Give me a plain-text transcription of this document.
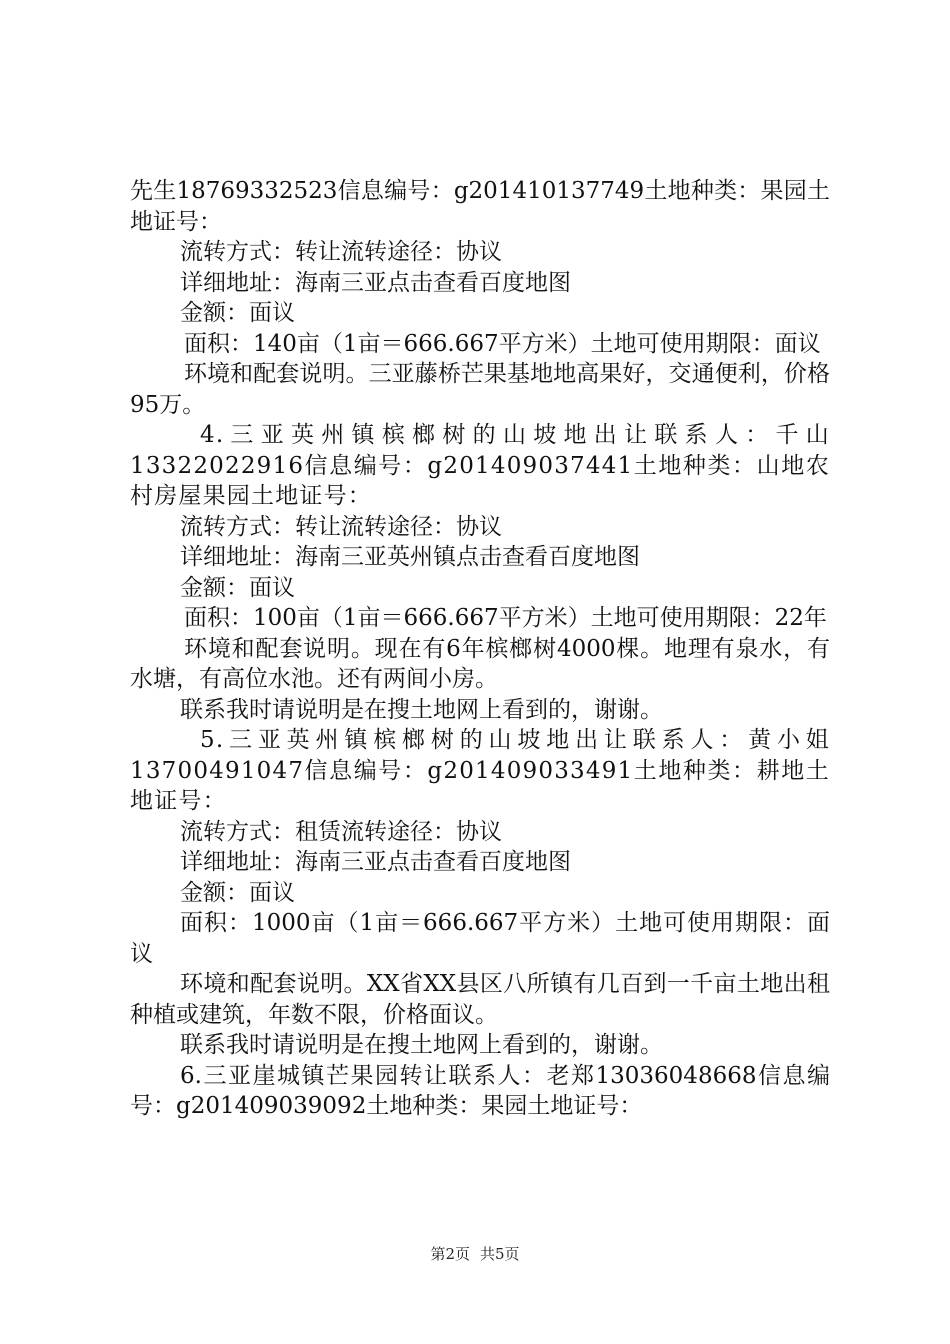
先生18769332523信息编号：g201410137749土地种类：果园土地证号：

流转方式：转让流转途径：协议

详细地址：海南三亚点击查看百度地图

金额：面议

面积：140亩（1亩＝666.667平方米）土地可使用期限：面议

环境和配套说明。三亚藤桥芒果基地地高果好，交通便利，价格95万。

4.三亚英州镇槟榔树的山坡地出让联系人：千山13322022916信息编号：g201409037441土地种类：山地农村房屋果园土地证号：

流转方式：转让流转途径：协议

详细地址：海南三亚英州镇点击查看百度地图

金额：面议

面积：100亩（1亩＝666.667平方米）土地可使用期限：22年

环境和配套说明。现在有6年槟榔树4000棵。地理有泉水，有水塘，有高位水池。还有两间小房。

联系我时请说明是在搜土地网上看到的，谢谢。

5.三亚英州镇槟榔树的山坡地出让联系人：黄小姐13700491047信息编号：g201409033491土地种类：耕地土地证号：

流转方式：租赁流转途径：协议

详细地址：海南三亚点击查看百度地图

金额：面议

面积：1000亩（1亩＝666.667平方米）土地可使用期限：面议

环境和配套说明。XX省XX县区八所镇有几百到一千亩土地出租种植或建筑，年数不限，价格面议。

联系我时请说明是在搜土地网上看到的，谢谢。

6.三亚崖城镇芒果园转让联系人：老郑13036048668信息编号：g201409039092土地种类：果园土地证号：

第2页 共5页
